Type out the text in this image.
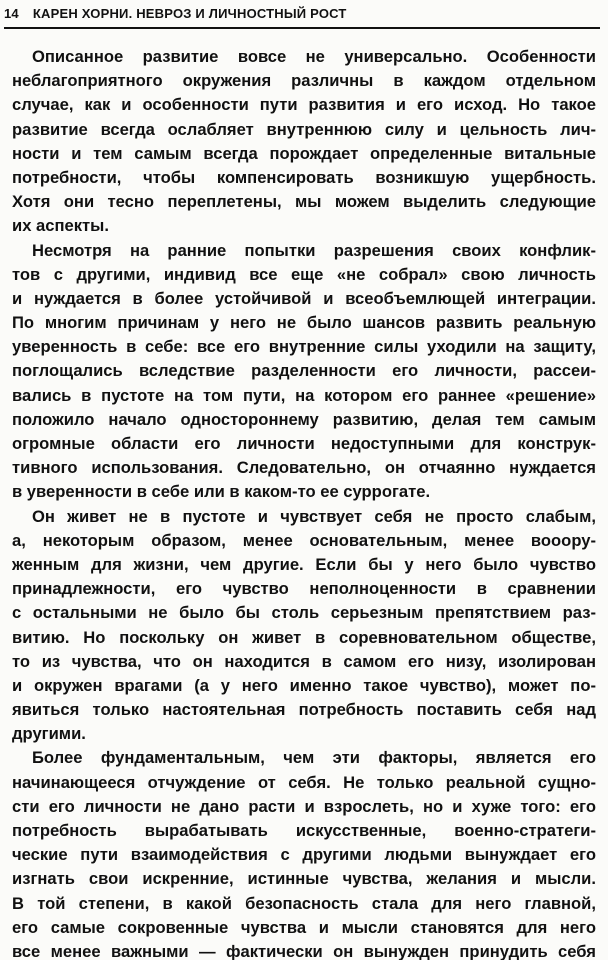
14 КАРЕН ХОРНИ. НЕВРОЗ И ЛИЧНОСТНЫЙ РОСТ
Описанное развитие вовсе не универсально. Особенности
неблагоприятного окружения различны в каждом отдельном
случае, как и особенности пути развития и его исход. Но такое
развитие всегда ослабляет внутреннюю силу и цельность лич-
ности и тем самым всегда порождает определенные витальные
потребности, чтобы компенсировать возникшую ущербность.
Хотя они тесно переплетены, мы можем выделить следующие
их аспекты.
Несмотря на ранние попытки разрешения своих конфлик-
тов с другими, индивид все еще «не собрал» свою личность
и нуждается в более устойчивой и всеобъемлющей интеграции.
По многим причинам у него не было шансов развить реальную
уверенность в себе: все его внутренние силы уходили на защиту,
поглощались вследствие разделенности его личности, рассеи-
вались в пустоте на том пути, на котором его раннее «решение»
положило начало одностороннему развитию, делая тем самым
огромные области его личности недоступными для конструк-
тивного использования. Следовательно, он отчаянно нуждается
в уверенности в себе или в каком-то ее суррогате.
Он живет не в пустоте и чувствует себя не просто слабым,
а, некоторым образом, менее основательным, менее вооору-
женным для жизни, чем другие. Если бы у него было чувство
принадлежности, его чувство неполноценности в сравнении
с остальными не было бы столь серьезным препятствием раз-
витию. Но поскольку он живет в соревновательном обществе,
то из чувства, что он находится в самом его низу, изолирован
и окружен врагами (а у него именно такое чувство), может по-
явиться только настоятельная потребность поставить себя над
другими.
Более фундаментальным, чем эти факторы, является его
начинающееся отчуждение от себя. Не только реальной сущно-
сти его личности не дано расти и взрослеть, но и хуже того: его
потребность вырабатывать искусственные, военно-стратеги-
ческие пути взаимодействия с другими людьми вынуждает его
изгнать свои искренние, истинные чувства, желания и мысли.
В той степени, в какой безопасность стала для него главной,
его самые сокровенные чувства и мысли становятся для него
все менее важными — фактически он вынужден принудить себя
